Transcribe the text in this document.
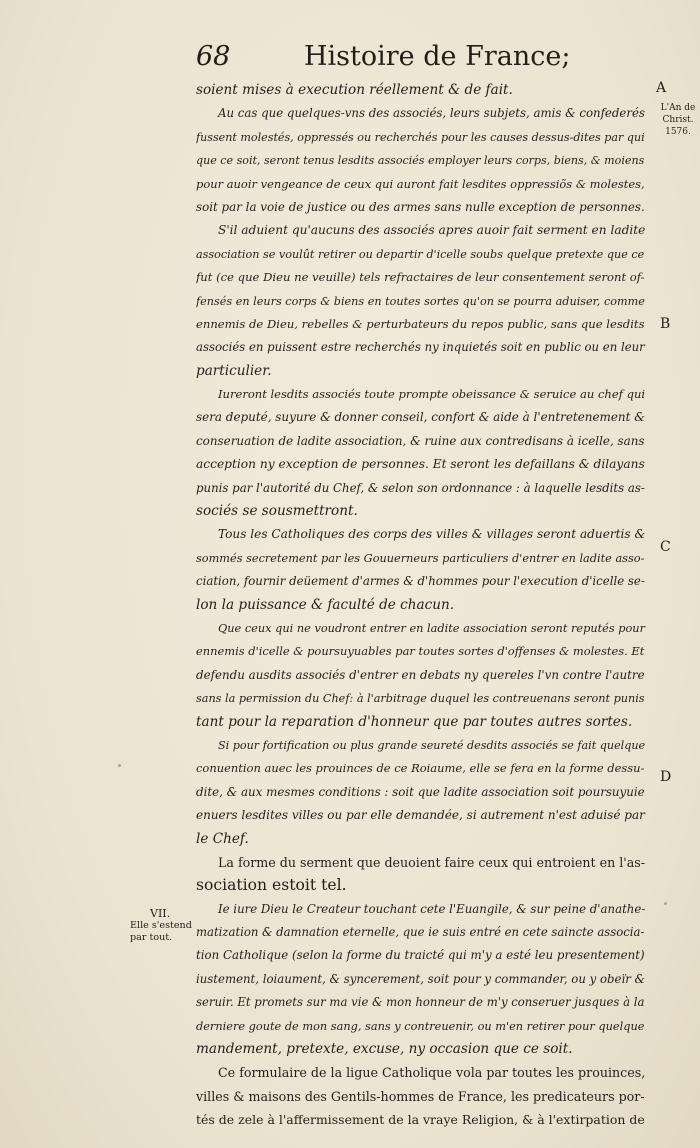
68	Histoire de France;
L'An de
Christ.
1576.
A
B
C
D
VII.
Elle s'estend
par tout.
soient mises à execution réellement & de fait.
Au cas que quelques-vns des associés, leurs subjets, amis & confederés
fussent molestés, oppressés ou recherchés pour les causes dessus-dites par qui
que ce soit, seront tenus lesdits associés employer leurs corps, biens, & moiens
pour auoir vengeance de ceux qui auront fait lesdites oppressiõs & molestes,
soit par la voie de justice ou des armes sans nulle exception de personnes.
S'il aduient qu'aucuns des associés apres auoir fait serment en ladite
association se voulût retirer ou departir d'icelle soubs quelque pretexte que ce
fut (ce que Dieu ne veuille) tels refractaires de leur consentement seront of-
fensés en leurs corps & biens en toutes sortes qu'on se pourra aduiser, comme
ennemis de Dieu, rebelles & perturbateurs du repos public, sans que lesdits
associés en puissent estre recherchés ny inquietés soit en public ou en leur
particulier.
Iureront lesdits associés toute prompte obeissance & seruice au chef qui
sera deputé, suyure & donner conseil, confort & aide à l'entretenement &
conseruation de ladite association, & ruine aux contredisans à icelle, sans
acception ny exception de personnes. Et seront les defaillans & dilayans
punis par l'autorité du Chef, & selon son ordonnance : à laquelle lesdits as-
sociés se sousmettront.
Tous les Catholiques des corps des villes & villages seront aduertis &
sommés secretement par les Gouuerneurs particuliers d'entrer en ladite asso-
ciation, fournir deüement d'armes & d'hommes pour l'execution d'icelle se-
lon la puissance & faculté de chacun.
Que ceux qui ne voudront entrer en ladite association seront reputés pour
ennemis d'icelle & poursuyuables par toutes sortes d'offenses & molestes. Et
defendu ausdits associés d'entrer en debats ny quereles l'vn contre l'autre
sans la permission du Chef: à l'arbitrage duquel les contreuenans seront punis
tant pour la reparation d'honneur que par toutes autres sortes.
Si pour fortification ou plus grande seureté desdits associés se fait quelque
conuention auec les prouinces de ce Roiaume, elle se fera en la forme dessu-
dite, & aux mesmes conditions : soit que ladite association soit poursuyuie
enuers lesdites villes ou par elle demandée, si autrement n'est aduisé par
le Chef.
La forme du serment que deuoient faire ceux qui entroient en l'as-
sociation estoit tel.
Ie iure Dieu le Createur touchant cete l'Euangile, & sur peine d'anathe-
matization & damnation eternelle, que ie suis entré en cete saincte associa-
tion Catholique (selon la forme du traicté qui m'y a esté leu presentement)
iustement, loiaument, & syncerement, soit pour y commander, ou y obeïr &
seruir. Et promets sur ma vie & mon honneur de m'y conseruer jusques à la
derniere goute de mon sang, sans y contreuenir, ou m'en retirer pour quelque
mandement, pretexte, excuse, ny occasion que ce soit.
Ce formulaire de la ligue Catholique vola par toutes les prouinces,
villes & maisons des Gentils-hommes de France, les predicateurs por-
tés de zele à l'affermissement de la vraye Religion, & à l'extirpation de
